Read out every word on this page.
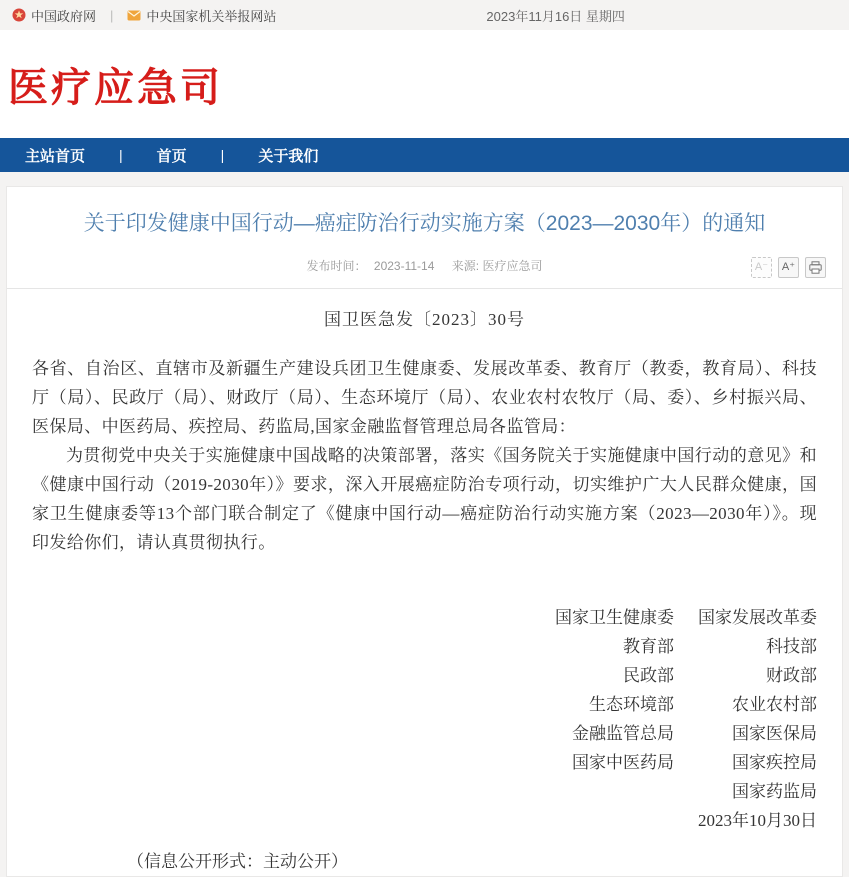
中国政府网 |	中央国家机关举报网站	2023年11月16日 星期四
医疗应急司
主站首页 | 首页 | 关于我们
关于印发健康中国行动—癌症防治行动实施方案（2023—2030年）的通知
发布时间： 2023-11-14 来源: 医疗应急司	A⁻	A⁺
国卫医急发〔2023〕30号

各省、自治区、直辖市及新疆生产建设兵团卫生健康委、发展改革委、教育厅（教委，教育局）、科技厅（局）、民政厅（局）、财政厅（局）、生态环境厅（局）、农业农村农牧厅（局、委）、乡村振兴局、医保局、中医药局、疾控局、药监局,国家金融监督管理总局各监管局：

为贯彻党中央关于实施健康中国战略的决策部署，落实《国务院关于实施健康中国行动的意见》和《健康中国行动（2019-2030年）》要求，深入开展癌症防治专项行动，切实维护广大人民群众健康，国家卫生健康委等13个部门联合制定了《健康中国行动—癌症防治行动实施方案（2023—2030年）》。现印发给你们，请认真贯彻执行。

国家卫生健康委	国家发展改革委
教育部	科技部
民政部	财政部
生态环境部	农业农村部
金融监管总局	国家医保局
国家中医药局	国家疾控局
国家药监局
2023年10月30日
（信息公开形式：主动公开）
